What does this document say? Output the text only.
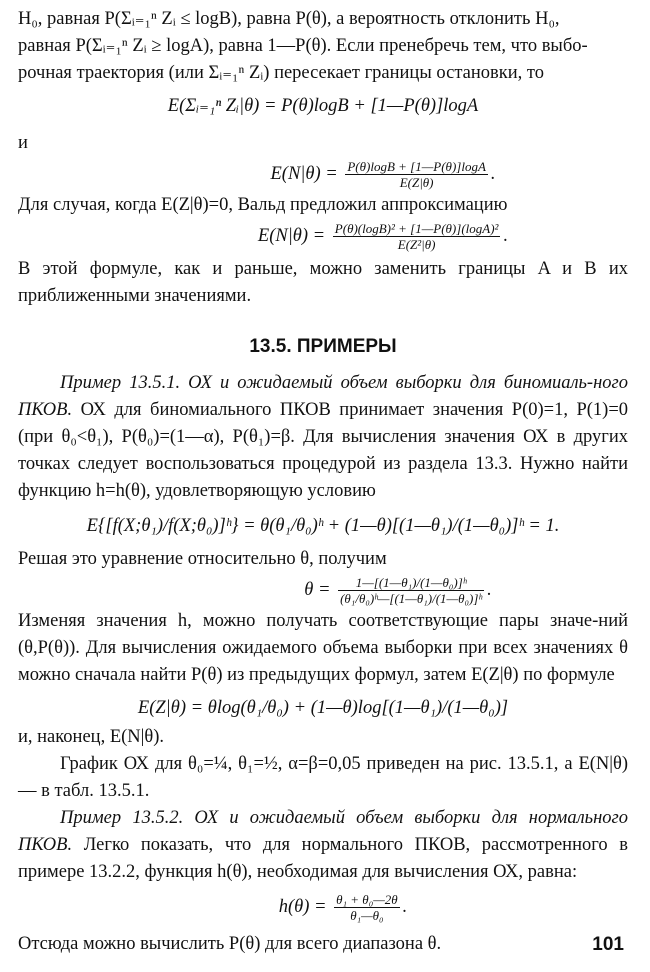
H₀, равная P(Σᵢ₌₁ⁿ Zᵢ ≤ logB), равна P(θ), а вероятность отклонить H₀,
равная P(Σᵢ₌₁ⁿ Zᵢ ≥ logA), равна 1—P(θ). Если пренебречь тем, что выбо-
рочная траектория (или Σᵢ₌₁ⁿ Zᵢ) пересекает границы остановки, то

E(Σᵢ₌₁ⁿ Zᵢ|θ) = P(θ)logB + [1—P(θ)]logA

и

$E(N|\theta) = \frac{P(\theta)\log B + [1—P(\theta)]\log A}{E(Z|\theta)}$ .

Для случая, когда E(Z|θ)=0, Вальд предложил аппроксимацию

$E(N|\theta) = \frac{\text{P(θ)(logB)² + [1—P(θ)](logA)²}}{\text{E(Z²|θ)}}$ .

В этой формуле, как и раньше, можно заменить границы A и B их приближенными значениями.

13.5. ПРИМЕРЫ

Пример 13.5.1. ОХ и ожидаемый объем выборки для биномиаль-ного ПКОВ. ОХ для биномиального ПКОВ принимает значения P(0)=1, P(1)=0 (при θ₀<θ₁), P(θ₀)=(1—α), P(θ₁)=β. Для вычисления значения ОХ в других точках следует воспользоваться процедурой из раздела 13.3. Нужно найти функцию h=h(θ), удовлетворяющую условию

E{[f(X;θ₁)/f(X;θ₀)]ʰ} = θ(θ₁/θ₀)ʰ + (1—θ)[(1—θ₁)/(1—θ₀)]ʰ = 1.

Решая это уравнение относительно θ, получим

$\theta = \frac{\text{1—[(1—θ₁)/(1—θ₀)]ʰ}}{\text{(θ₁/θ₀)ʰ—[(1—θ₁)/(1—θ₀)]ʰ}}$ .

Изменяя значения h, можно получать соответствующие пары значе-ний (θ,P(θ)). Для вычисления ожидаемого объема выборки при всех значениях θ можно сначала найти P(θ) из предыдущих формул, затем E(Z|θ) по формуле

E(Z|θ) = θlog(θ₁/θ₀) + (1—θ)log[(1—θ₁)/(1—θ₀)]

и, наконец, E(N|θ).

График ОХ для θ₀=¼, θ₁=½, α=β=0,05 приведен на рис. 13.5.1, а E(N|θ) — в табл. 13.5.1.

Пример 13.5.2. ОХ и ожидаемый объем выборки для нормального ПКОВ. Легко показать, что для нормального ПКОВ, рассмотренного в примере 13.2.2, функция h(θ), необходимая для вычисления ОХ, равна:

$h(\theta) = \frac{\text{θ₁ + θ₀—2θ}}{\text{θ₁—θ₀}}$ .

Отсюда можно вычислить P(θ) для всего диапазона θ.	101
